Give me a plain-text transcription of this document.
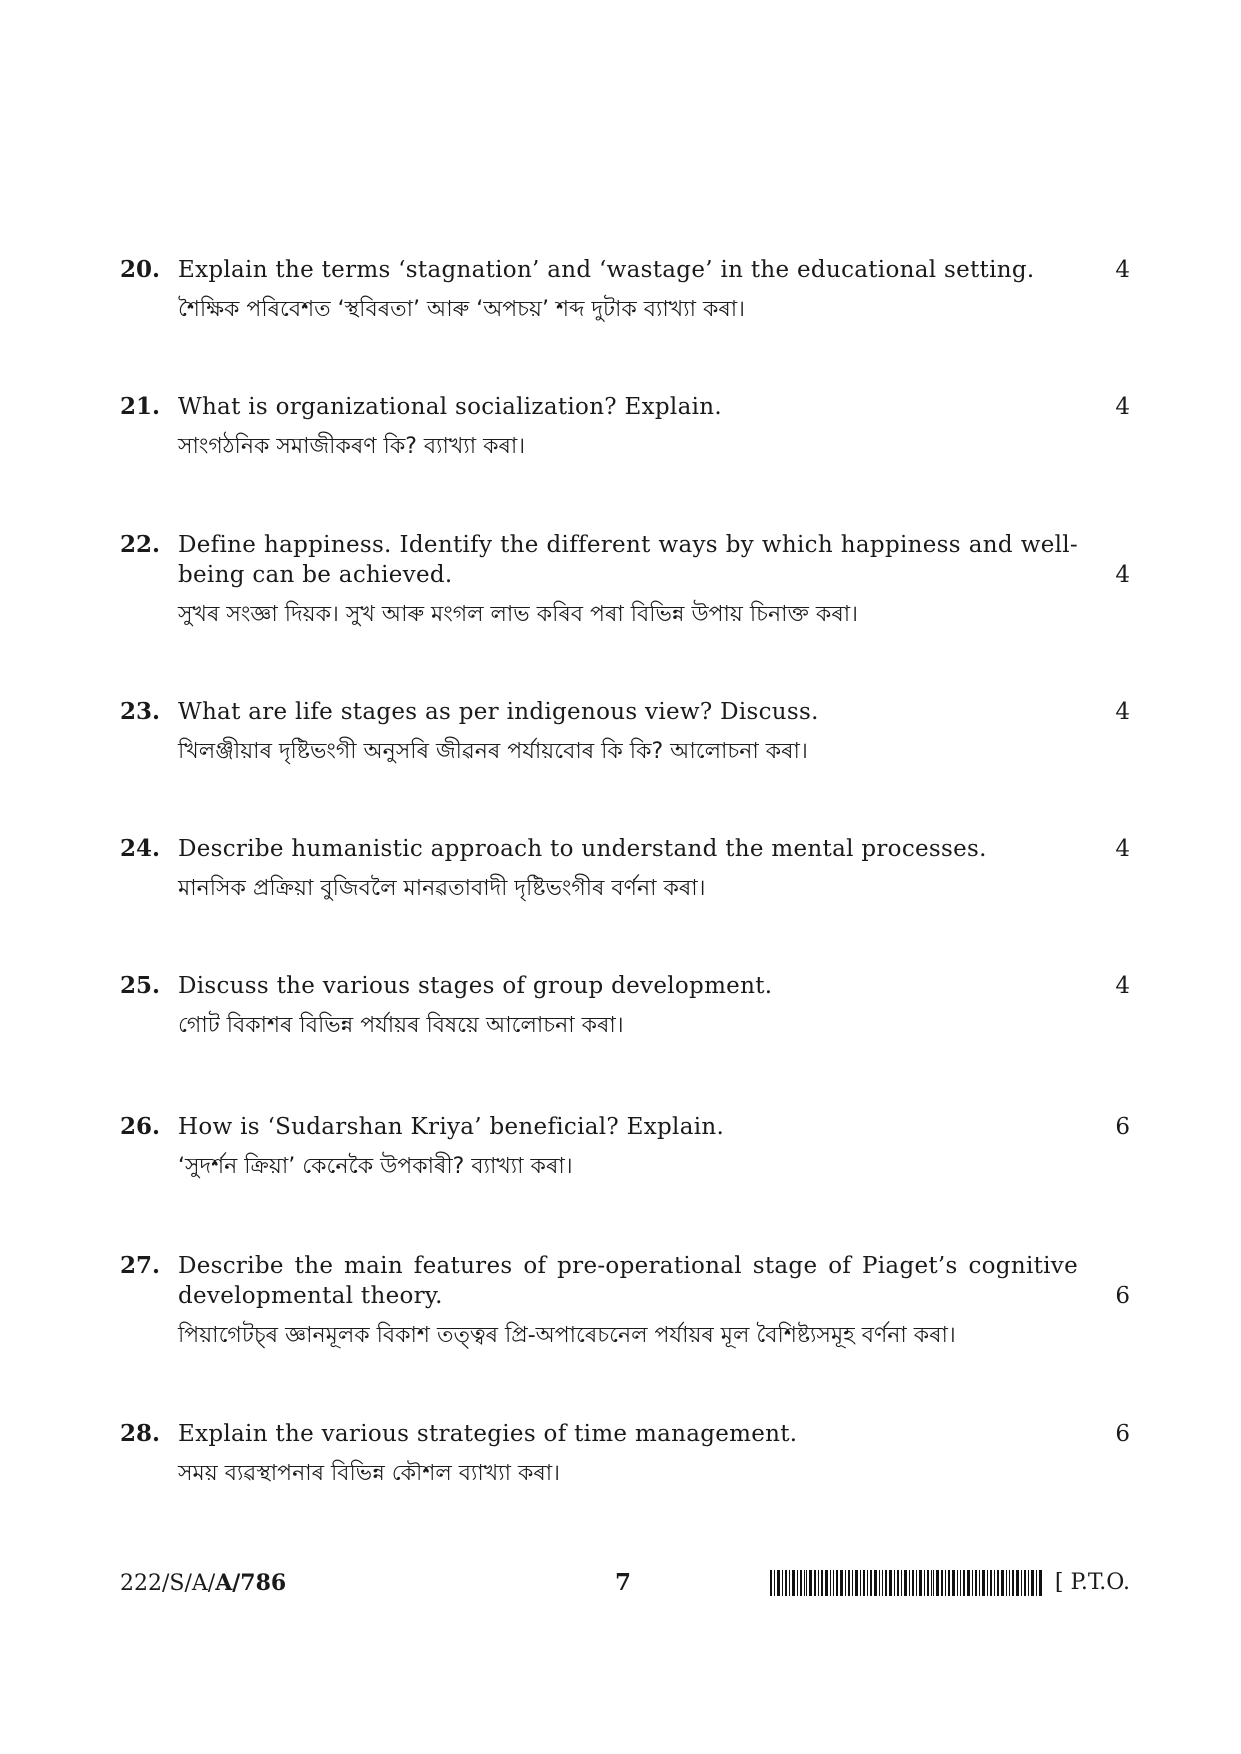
20. Explain the terms ‘stagnation’ and ‘wastage’ in the educational setting.	4
শৈক্ষিক পৰিবেশত ‘স্থবিৰতা’ আৰু ‘অপচয়’ শব্দ দুটাক ব্যাখ্যা কৰা।
21. What is organizational socialization? Explain.	4
সাংগঠনিক সমাজীকৰণ কি? ব্যাখ্যা কৰা।
22. Define happiness. Identify the different ways by which happiness and well-being can be achieved.	4
সুখৰ সংজ্ঞা দিয়ক। সুখ আৰু মংগল লাভ কৰিব পৰা বিভিন্ন উপায় চিনাক্ত কৰা।
23. What are life stages as per indigenous view? Discuss.	4
খিলঞ্জীয়াৰ দৃষ্টিভংগী অনুসৰি জীৱনৰ পৰ্যায়বোৰ কি কি? আলোচনা কৰা।
24. Describe humanistic approach to understand the mental processes.	4
মানসিক প্ৰক্ৰিয়া বুজিবলৈ মানৱতাবাদী দৃষ্টিভংগীৰ বৰ্ণনা কৰা।
25. Discuss the various stages of group development.	4
গোট বিকাশৰ বিভিন্ন পৰ্যায়ৰ বিষয়ে আলোচনা কৰা।
26. How is ‘Sudarshan Kriya’ beneficial? Explain.	6
‘সুদৰ্শন ক্ৰিয়া’ কেনেকৈ উপকাৰী? ব্যাখ্যা কৰা।
27. Describe the main features of pre-operational stage of Piaget’s cognitive developmental theory.	6
পিয়াগেটচ্‌ৰ জ্ঞানমূলক বিকাশ তত্ত্বৰ প্ৰি-অপাৰেচনেল পৰ্যায়ৰ মূল বৈশিষ্ট্যসমূহ বৰ্ণনা কৰা।
28. Explain the various strategies of time management.	6
সময় ব্যৱস্থাপনাৰ বিভিন্ন কৌশল ব্যাখ্যা কৰা।
222/S/A/A/786	7	[ P.T.O.
